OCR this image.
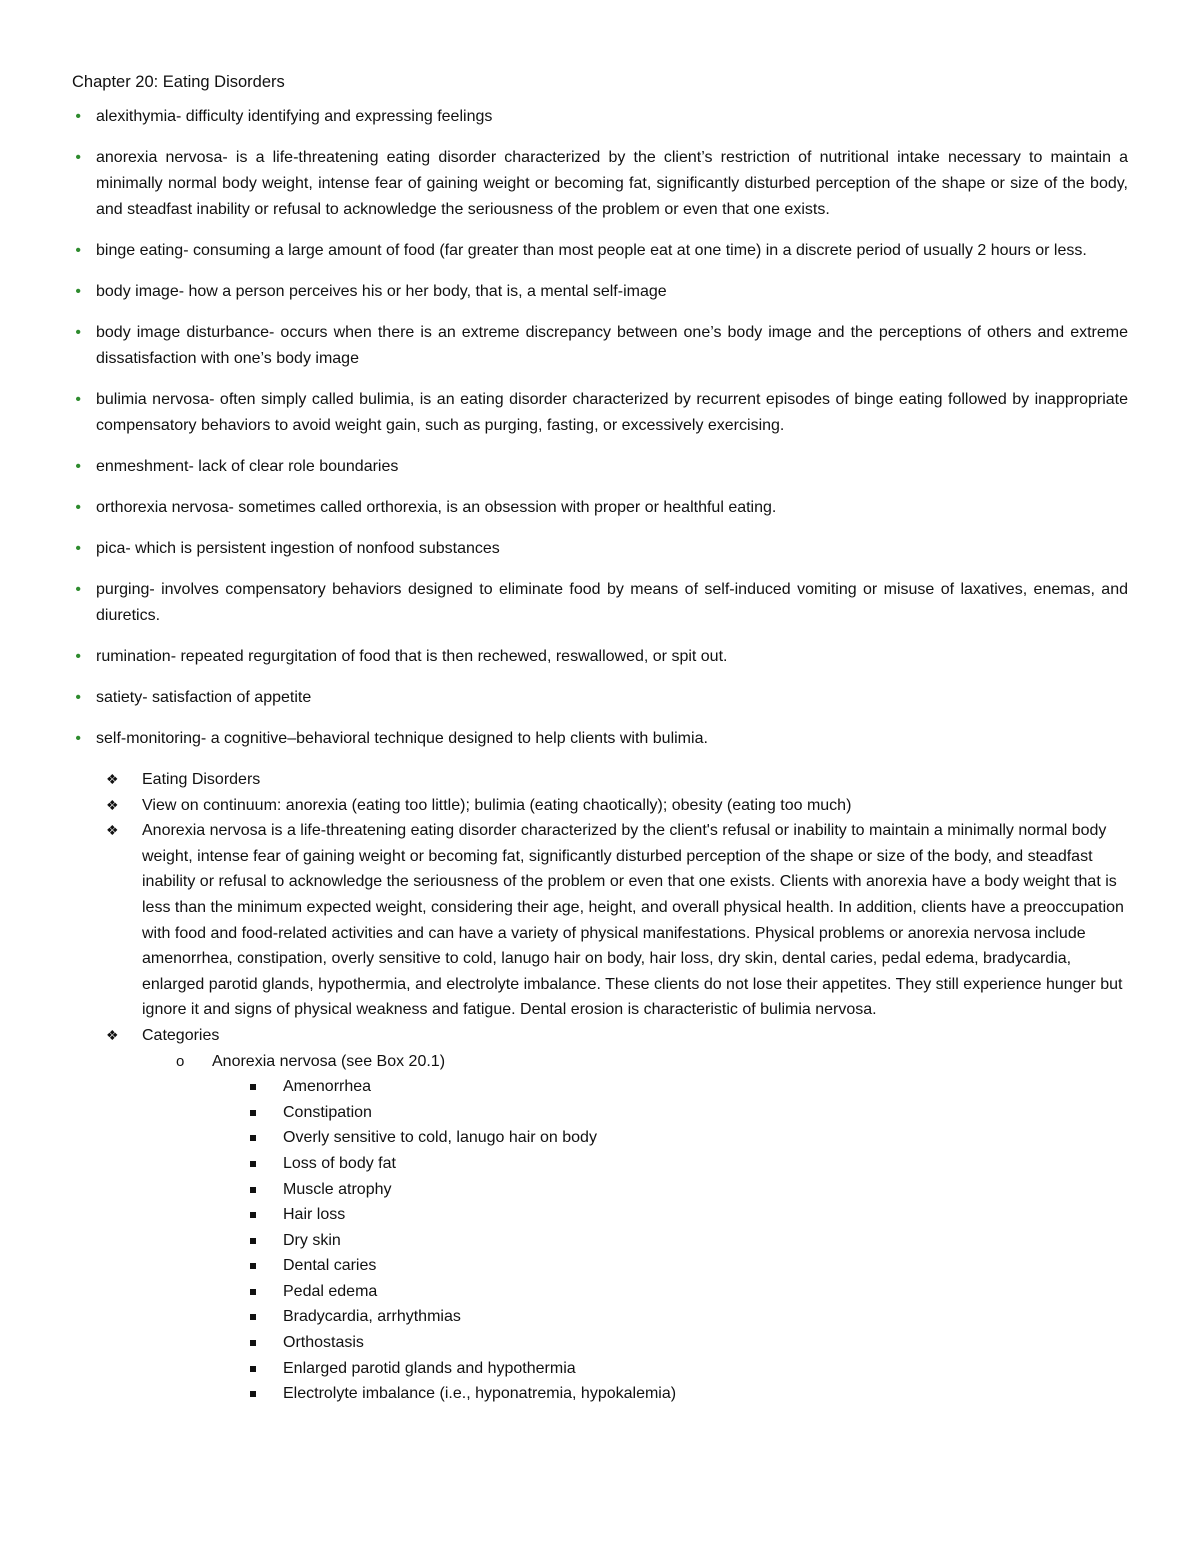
Chapter 20: Eating Disorders
• alexithymia- difficulty identifying and expressing feelings
• anorexia nervosa- is a life-threatening eating disorder characterized by the client’s restriction of nutritional intake necessary to maintain a minimally normal body weight, intense fear of gaining weight or becoming fat, significantly disturbed perception of the shape or size of the body, and steadfast inability or refusal to acknowledge the seriousness of the problem or even that one exists.
• binge eating- consuming a large amount of food (far greater than most people eat at one time) in a discrete period of usually 2 hours or less.
• body image- how a person perceives his or her body, that is, a mental self-image
• body image disturbance- occurs when there is an extreme discrepancy between one’s body image and the perceptions of others and extreme dissatisfaction with one’s body image
• bulimia nervosa- often simply called bulimia, is an eating disorder characterized by recurrent episodes of binge eating followed by inappropriate compensatory behaviors to avoid weight gain, such as purging, fasting, or excessively exercising.
• enmeshment- lack of clear role boundaries
• orthorexia nervosa- sometimes called orthorexia, is an obsession with proper or healthful eating.
• pica- which is persistent ingestion of nonfood substances
• purging- involves compensatory behaviors designed to eliminate food by means of self-induced vomiting or misuse of laxatives, enemas, and diuretics.
• rumination- repeated regurgitation of food that is then rechewed, reswallowed, or spit out.
• satiety- satisfaction of appetite
• self-monitoring- a cognitive–behavioral technique designed to help clients with bulimia.
❖	Eating Disorders
❖	View on continuum: anorexia (eating too little); bulimia (eating chaotically); obesity (eating too much)
❖	Anorexia nervosa is a life-threatening eating disorder characterized by the client's refusal or inability to maintain a minimally normal body weight, intense fear of gaining weight or becoming fat, significantly disturbed perception of the shape or size of the body, and steadfast inability or refusal to acknowledge the seriousness of the problem or even that one exists. Clients with anorexia have a body weight that is less than the minimum expected weight, considering their age, height, and overall physical health. In addition, clients have a preoccupation with food and food-related activities and can have a variety of physical manifestations. Physical problems or anorexia nervosa include amenorrhea, constipation, overly sensitive to cold, lanugo hair on body, hair loss, dry skin, dental caries, pedal edema, bradycardia, enlarged parotid glands, hypothermia, and electrolyte imbalance. These clients do not lose their appetites. They still experience hunger but ignore it and signs of physical weakness and fatigue. Dental erosion is characteristic of bulimia nervosa.
❖	Categories
o Anorexia nervosa (see Box 20.1)
Amenorrhea
Constipation
Overly sensitive to cold, lanugo hair on body
Loss of body fat
Muscle atrophy
Hair loss
Dry skin
Dental caries
Pedal edema
Bradycardia, arrhythmias
Orthostasis
Enlarged parotid glands and hypothermia
Electrolyte imbalance (i.e., hyponatremia, hypokalemia)
